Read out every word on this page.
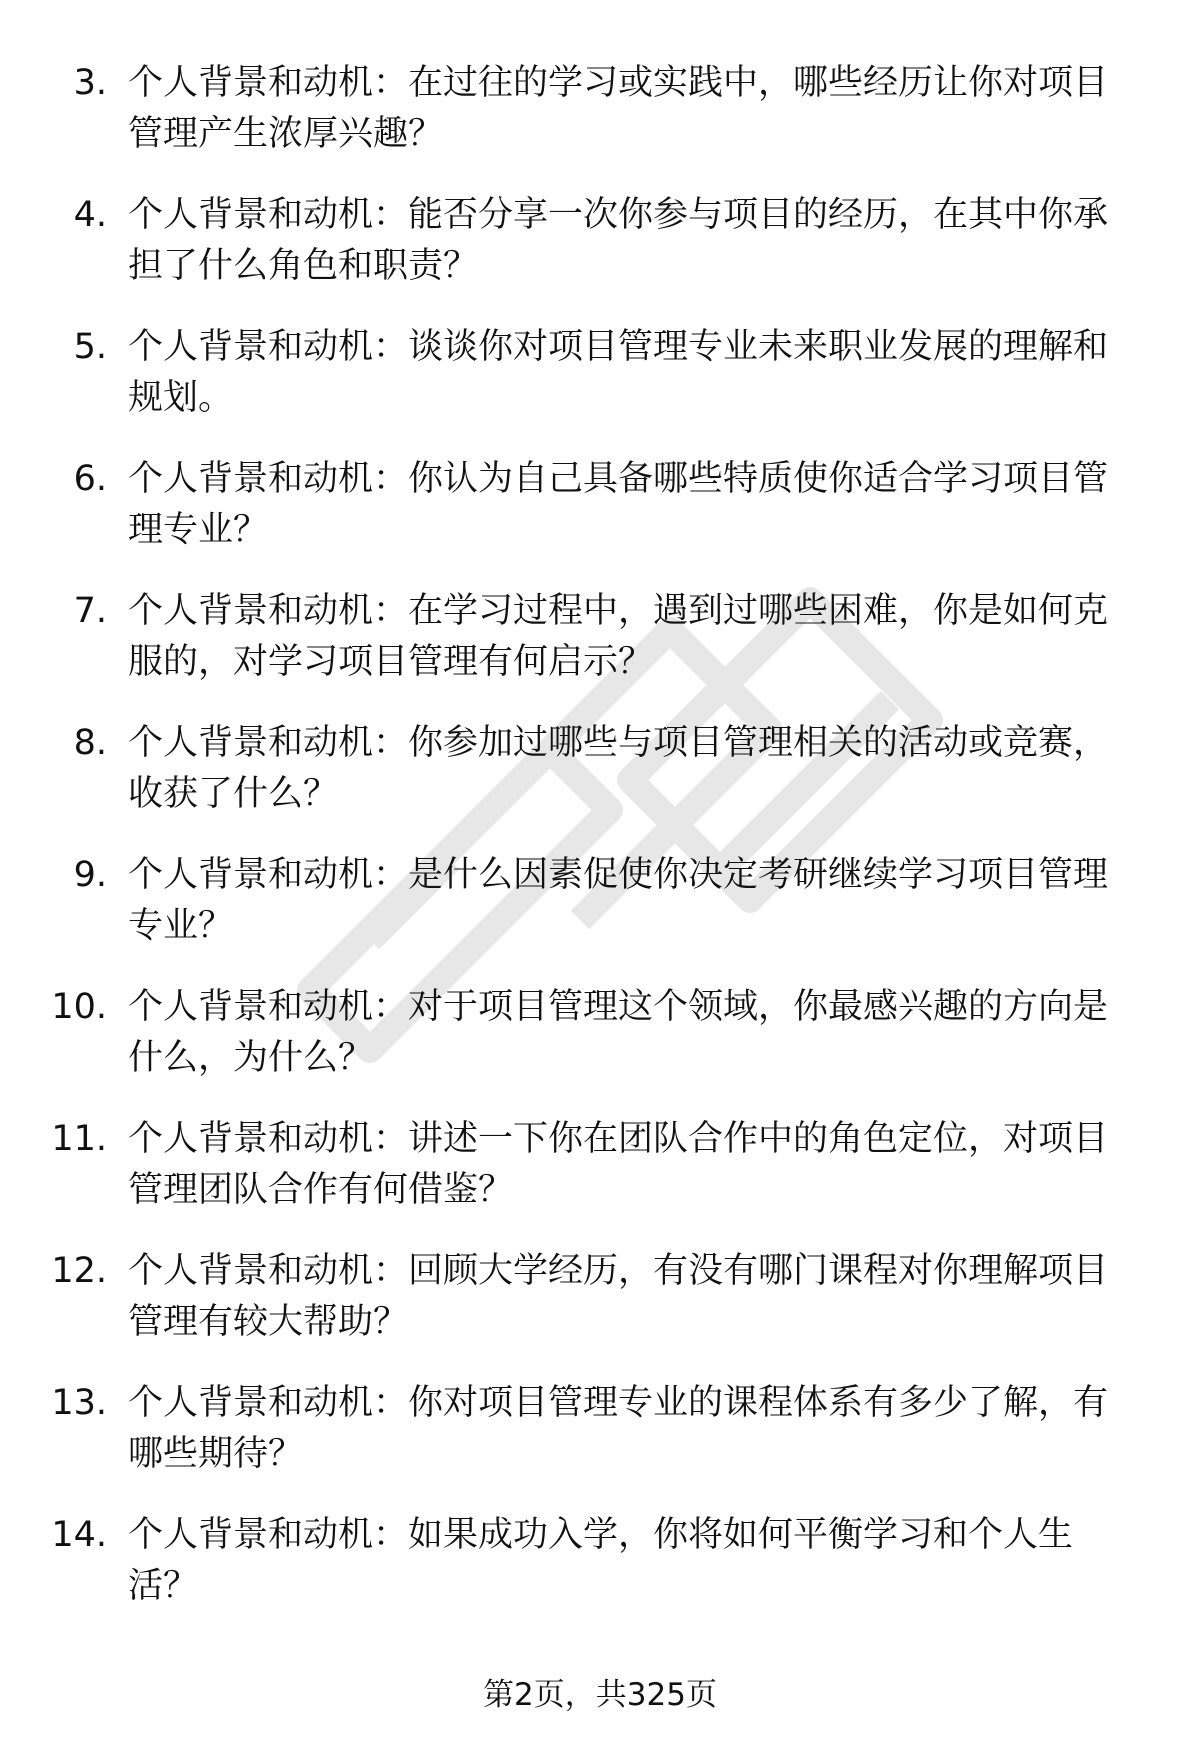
3. 个人背景和动机：在过往的学习或实践中，哪些经历让你对项目管理产生浓厚兴趣？
4. 个人背景和动机：能否分享一次你参与项目的经历，在其中你承担了什么角色和职责？
5. 个人背景和动机：谈谈你对项目管理专业未来职业发展的理解和规划。
6. 个人背景和动机：你认为自己具备哪些特质使你适合学习项目管理专业？
7. 个人背景和动机：在学习过程中，遇到过哪些困难，你是如何克服的，对学习项目管理有何启示？
8. 个人背景和动机：你参加过哪些与项目管理相关的活动或竞赛，收获了什么？
9. 个人背景和动机：是什么因素促使你决定考研继续学习项目管理专业？
10. 个人背景和动机：对于项目管理这个领域，你最感兴趣的方向是什么，为什么？
11. 个人背景和动机：讲述一下你在团队合作中的角色定位，对项目管理团队合作有何借鉴？
12. 个人背景和动机：回顾大学经历，有没有哪门课程对你理解项目管理有较大帮助？
13. 个人背景和动机：你对项目管理专业的课程体系有多少了解，有哪些期待？
14. 个人背景和动机：如果成功入学，你将如何平衡学习和个人生活？
第2页，共325页
